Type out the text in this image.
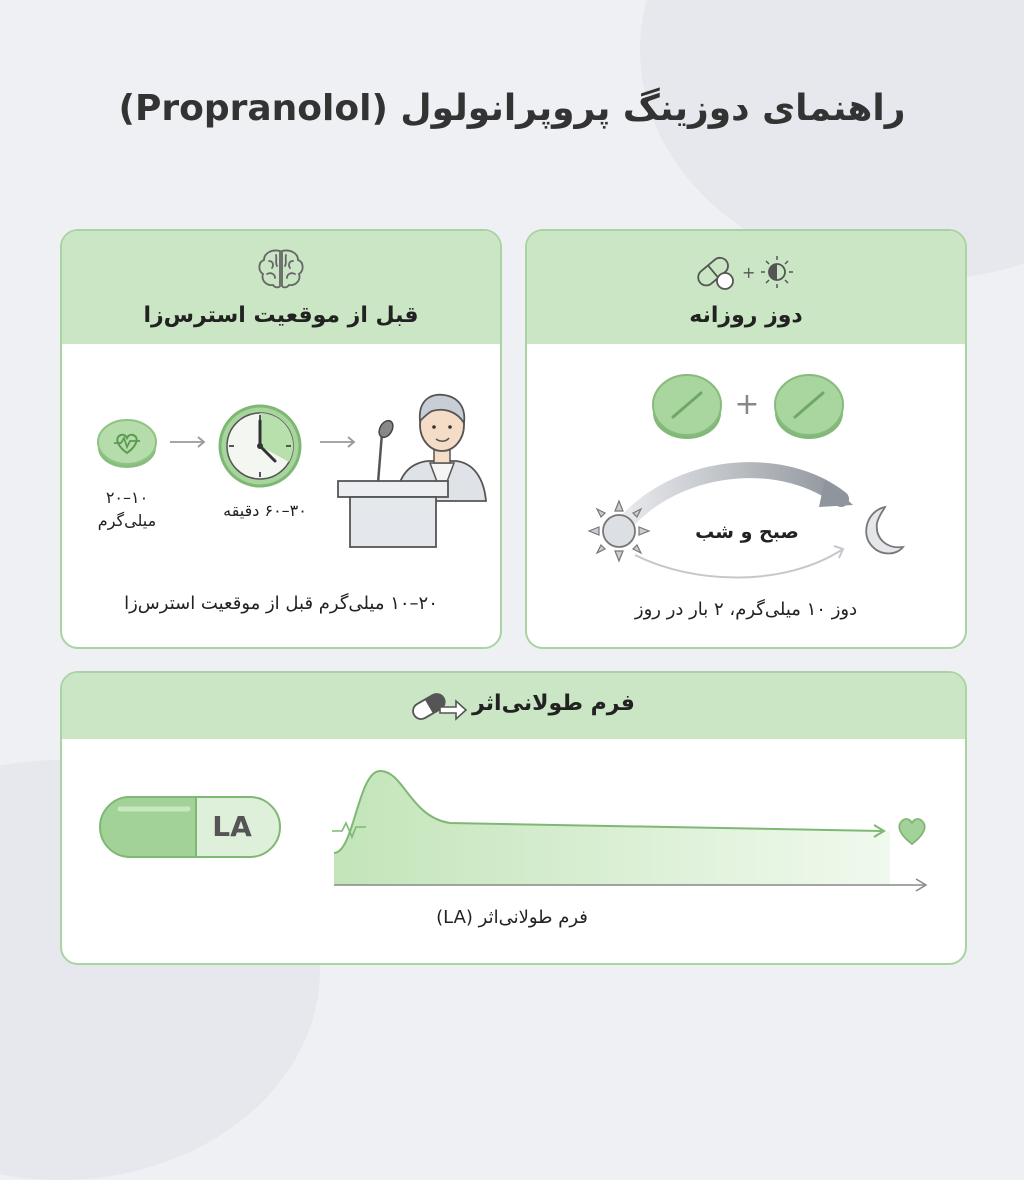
راهنمای دوزینگ پروپرانولول (Propranolol)
قبل از موقعیت استرس‌زا
۱۰–۲۰
میلی‌گرم
۳۰–۶۰ دقیقه
۲۰–۱۰ میلی‌گرم قبل از موقعیت استرس‌زا
+
دوز روزانه
+
صبح و شب
دوز ۱۰ میلی‌گرم، ۲ بار در روز
فرم طولانی‌اثر
LA
فرم طولانی‌اثر (LA)
